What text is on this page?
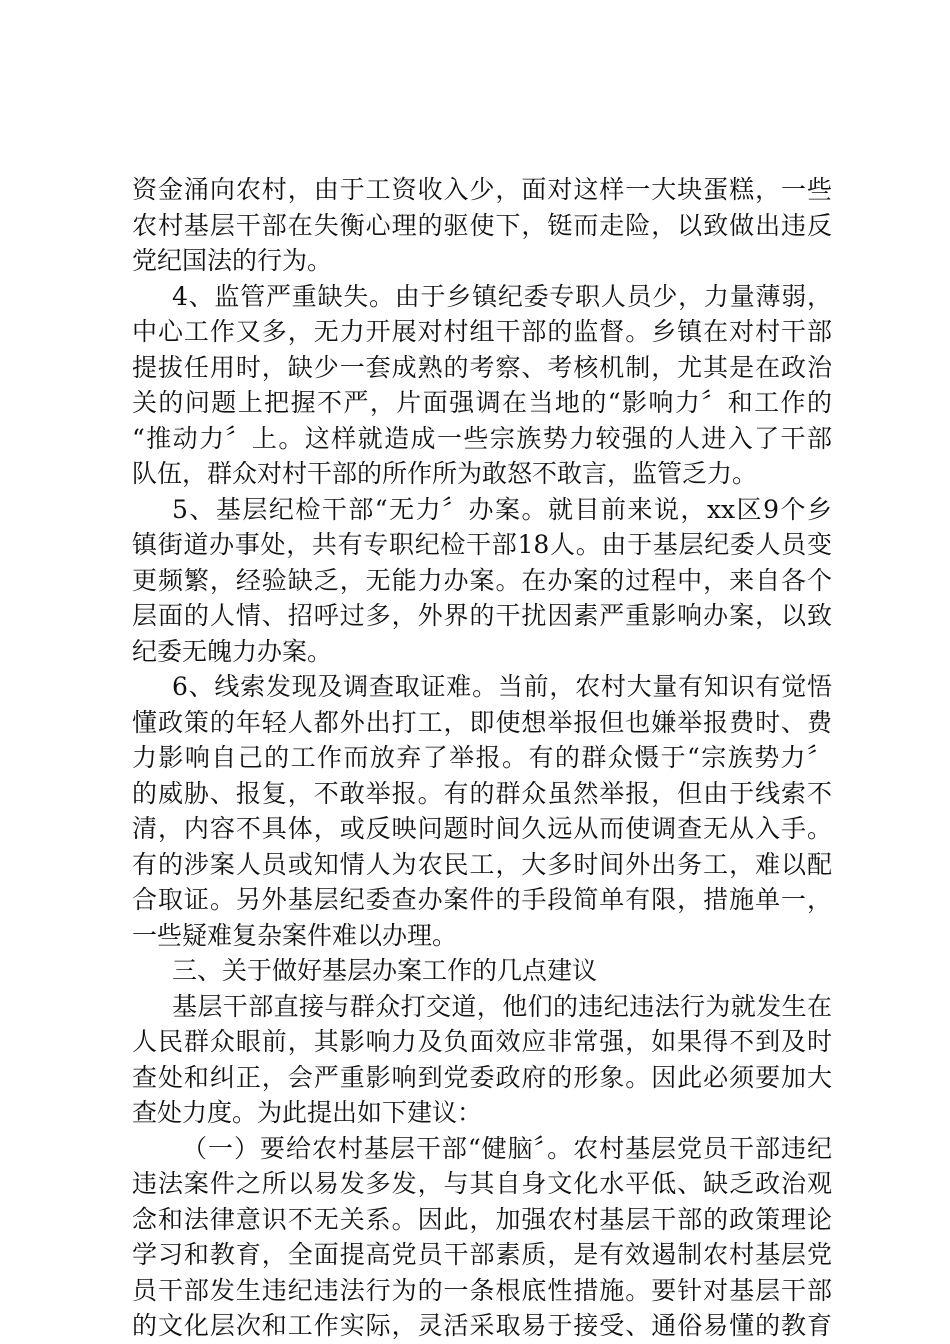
资金涌向农村，由于工资收入少，面对这样一大块蛋糕，一些
农村基层干部在失衡心理的驱使下，铤而走险，以致做出违反
党纪国法的行为。
4、监管严重缺失。由于乡镇纪委专职人员少，力量薄弱，
中心工作又多，无力开展对村组干部的监督。乡镇在对村干部
提拔任用时，缺少一套成熟的考察、考核机制，尤其是在政治
关的问题上把握不严，片面强调在当地的“影响力〞和工作的
“推动力〞上。这样就造成一些宗族势力较强的人进入了干部
队伍，群众对村干部的所作所为敢怒不敢言，监管乏力。
5、基层纪检干部“无力〞办案。就目前来说，xx区9个乡
镇街道办事处，共有专职纪检干部18人。由于基层纪委人员变
更频繁，经验缺乏，无能力办案。在办案的过程中，来自各个
层面的人情、招呼过多，外界的干扰因素严重影响办案，以致
纪委无魄力办案。
6、线索发现及调查取证难。当前，农村大量有知识有觉悟
懂政策的年轻人都外出打工，即使想举报但也嫌举报费时、费
力影响自己的工作而放弃了举报。有的群众慑于“宗族势力〞
的威胁、报复，不敢举报。有的群众虽然举报，但由于线索不
清，内容不具体，或反映问题时间久远从而使调查无从入手。
有的涉案人员或知情人为农民工，大多时间外出务工，难以配
合取证。另外基层纪委查办案件的手段简单有限，措施单一，
一些疑难复杂案件难以办理。
三、关于做好基层办案工作的几点建议
基层干部直接与群众打交道，他们的违纪违法行为就发生在
人民群众眼前，其影响力及负面效应非常强，如果得不到及时
查处和纠正，会严重影响到党委政府的形象。因此必须要加大
查处力度。为此提出如下建议：
（一）要给农村基层干部“健脑〞。农村基层党员干部违纪
违法案件之所以易发多发，与其自身文化水平低、缺乏政治观
念和法律意识不无关系。因此，加强农村基层干部的政策理论
学习和教育，全面提高党员干部素质，是有效遏制农村基层党
员干部发生违纪违法行为的一条根底性措施。要针对基层干部
的文化层次和工作实际，灵活采取易于接受、通俗易懂的教育
